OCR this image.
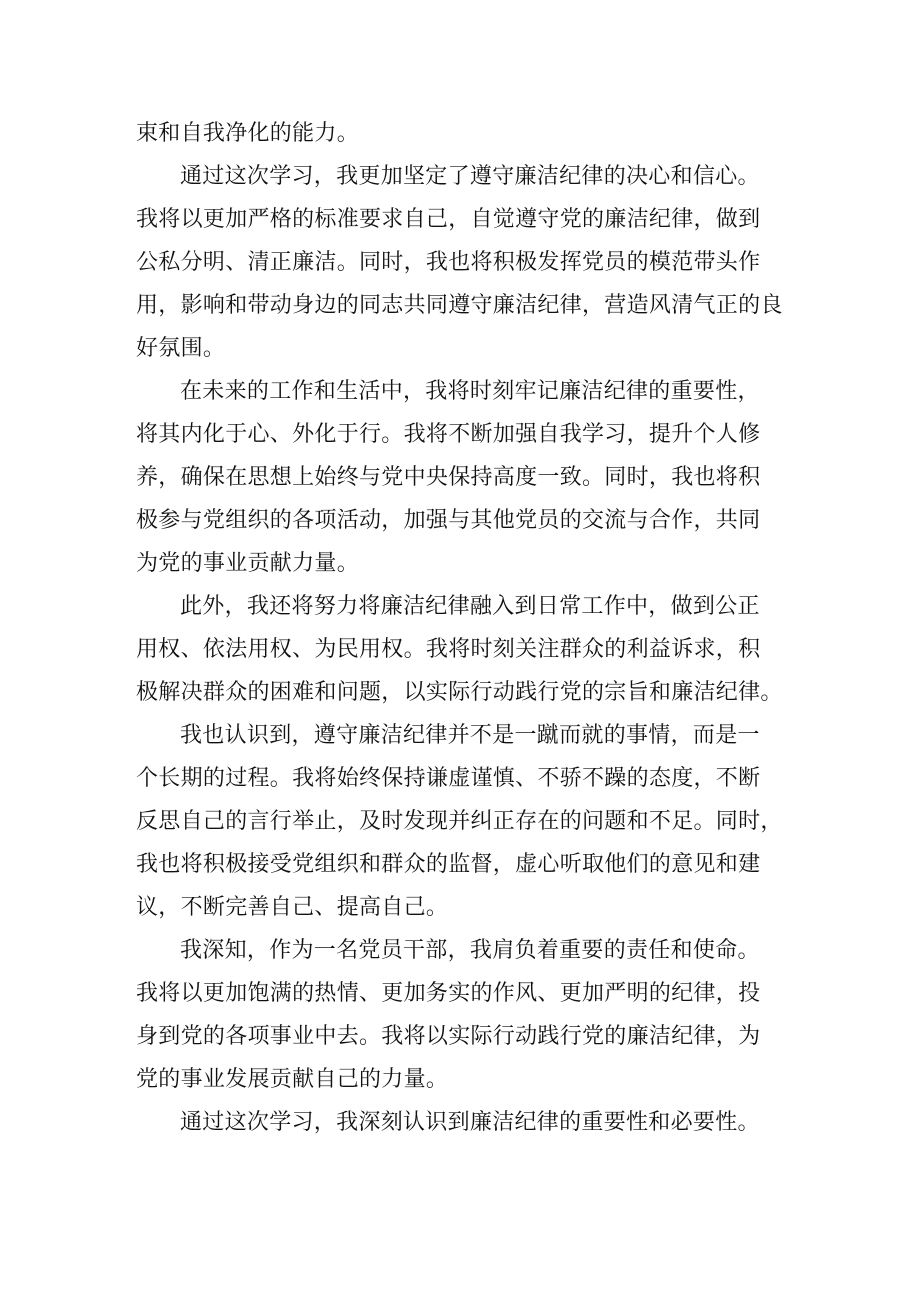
束和自我净化的能力。
通过这次学习，我更加坚定了遵守廉洁纪律的决心和信心。
我将以更加严格的标准要求自己，自觉遵守党的廉洁纪律，做到
公私分明、清正廉洁。同时，我也将积极发挥党员的模范带头作
用，影响和带动身边的同志共同遵守廉洁纪律，营造风清气正的良
好氛围。
在未来的工作和生活中，我将时刻牢记廉洁纪律的重要性，
将其内化于心、外化于行。我将不断加强自我学习，提升个人修
养，确保在思想上始终与党中央保持高度一致。同时，我也将积
极参与党组织的各项活动，加强与其他党员的交流与合作，共同
为党的事业贡献力量。
此外，我还将努力将廉洁纪律融入到日常工作中，做到公正
用权、依法用权、为民用权。我将时刻关注群众的利益诉求，积
极解决群众的困难和问题，以实际行动践行党的宗旨和廉洁纪律。
我也认识到，遵守廉洁纪律并不是一蹴而就的事情，而是一
个长期的过程。我将始终保持谦虚谨慎、不骄不躁的态度，不断
反思自己的言行举止，及时发现并纠正存在的问题和不足。同时，
我也将积极接受党组织和群众的监督，虚心听取他们的意见和建
议，不断完善自己、提高自己。
我深知，作为一名党员干部，我肩负着重要的责任和使命。
我将以更加饱满的热情、更加务实的作风、更加严明的纪律，投
身到党的各项事业中去。我将以实际行动践行党的廉洁纪律，为
党的事业发展贡献自己的力量。
通过这次学习，我深刻认识到廉洁纪律的重要性和必要性。
